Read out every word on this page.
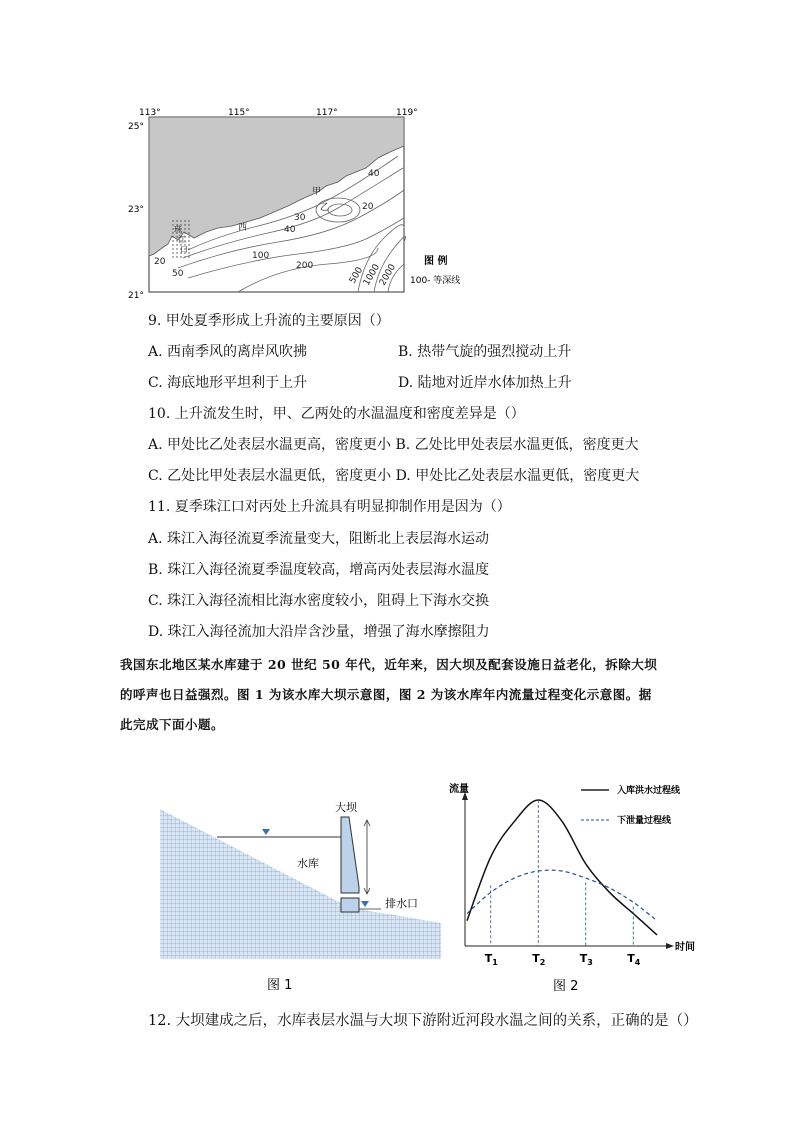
113°	115°	117°	119°
25°
23°
21°
40
20
乙
甲
30
40
西
100
200	500
1000
2000
20
50
珠
江
口
图 例
100- 等深线
9. 甲处夏季形成上升流的主要原因（）
A. 西南季风的离岸风吹拂	B. 热带气旋的强烈搅动上升
C. 海底地形平坦利于上升	D. 陆地对近岸水体加热上升
10. 上升流发生时，甲、乙两处的水温温度和密度差异是（）
A. 甲处比乙处表层水温更高，密度更小 B. 乙处比甲处表层水温更低，密度更大
C. 乙处比甲处表层水温更低，密度更小 D. 甲处比乙处表层水温更低，密度更大
11. 夏季珠江口对丙处上升流具有明显抑制作用是因为（）
A. 珠江入海径流夏季流量变大，阻断北上表层海水运动
B. 珠江入海径流夏季温度较高，增高丙处表层海水温度
C. 珠江入海径流相比海水密度较小，阻碍上下海水交换
D. 珠江入海径流加大沿岸含沙量，增强了海水摩擦阻力
我国东北地区某水库建于 20 世纪 50 年代，近年来，因大坝及配套设施日益老化，拆除大坝
的呼声也日益强烈。图 1 为该水库大坝示意图，图 2 为该水库年内流量过程变化示意图。据
此完成下面小题。
大坝
水库
排水口
图 1
流量
时间
入库洪水过程线
下泄量过程线
$T_1$	$T_2$	$T_3$	$T_4$
图 2
12. 大坝建成之后，水库表层水温与大坝下游附近河段水温之间的关系，正确的是（）
